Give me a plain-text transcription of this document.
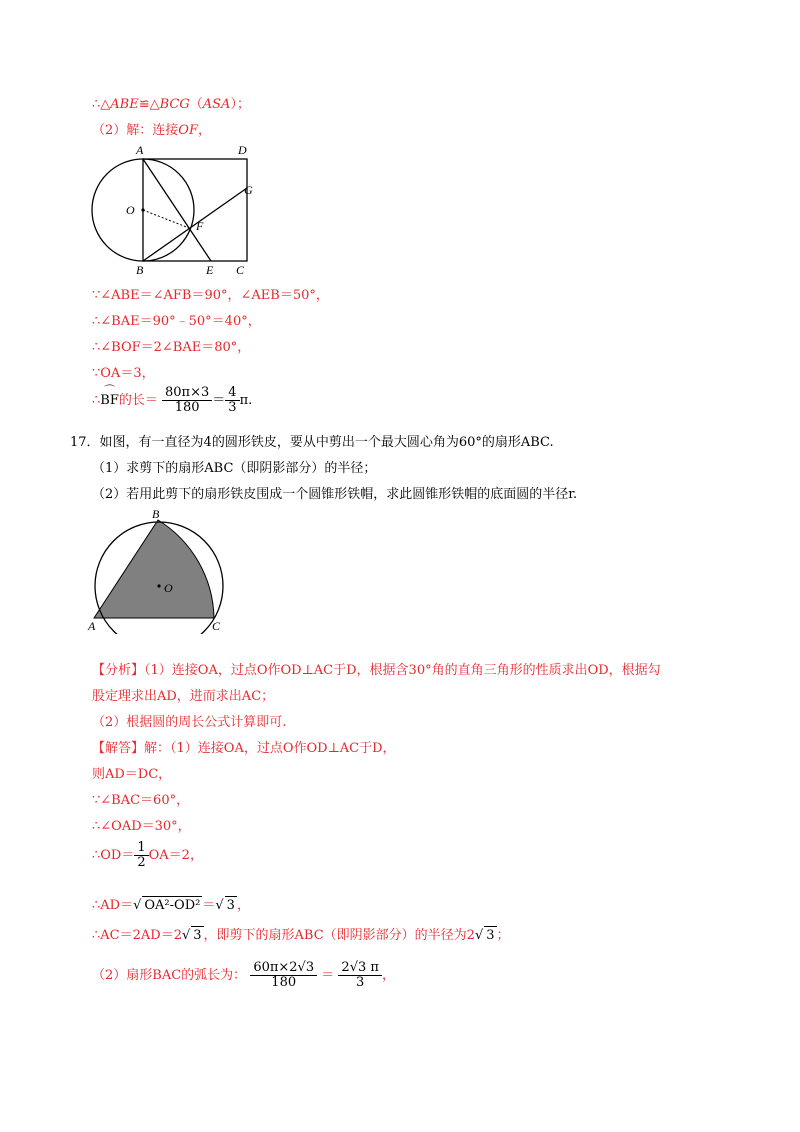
∴△ABE≌△BCG（ASA）；
（2）解：连接OF，
A	D
G
O
F
B	E C
∵∠ABE＝∠AFB＝90°，∠AEB＝50°，
∴∠BAE＝90°﹣50°＝40°，
∴∠BOF＝2∠BAE＝80°，
∵OA＝3，
∴⌒ BF的长＝ $\frac{80\pi\times 3}{180} = \frac{4}{3} \pi$.
17．如图，有一直径为4的圆形铁皮，要从中剪出一个最大圆心角为60°的扇形ABC.
（1）求剪下的扇形ABC（即阴影部分）的半径；
（2）若用此剪下的扇形铁皮围成一个圆锥形铁帽，求此圆锥形铁帽的底面圆的半径r.
B
O
A	C
【分析】（1）连接OA，过点O作OD⊥AC于D，根据含30°角的直角三角形的性质求出OD，根据勾
股定理求出AD，进而求出AC；
（2）根据圆的周长公式计算即可.
【解答】解：（1）连接OA，过点O作OD⊥AC于D，
则AD＝DC，
∵∠BAC＝60°，
∴∠OAD＝30°，
∴OD＝ $\frac{1}{2} OA=2$，
∴AD＝√ OA²-OD² ＝√ 3 ，
∴AC＝2AD＝2√ 3 ，即剪下的扇形ABC（即阴影部分）的半径为2√ 3 ；
（2）扇形BAC的弧长为： $\frac{60\pi\times 2√3}{180} = \frac{2√3 \pi}{3}$ ，
